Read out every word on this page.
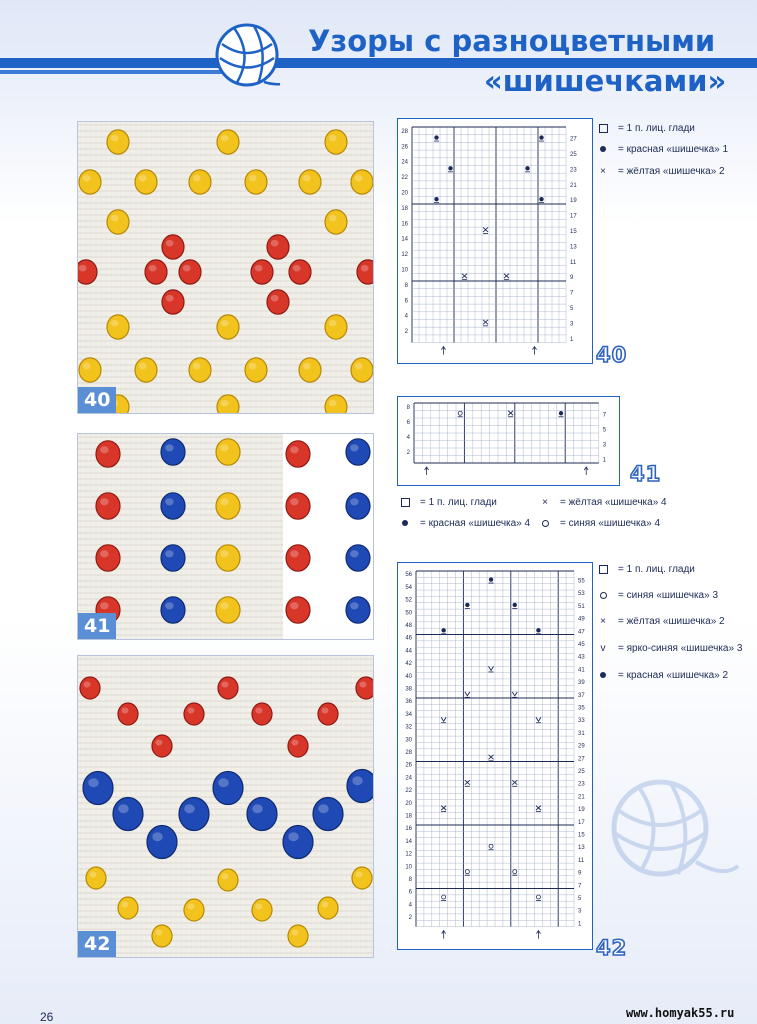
Узоры с разноцветными
«шишечками»
40
41
42
2
4
6
8
10
12
14
16
18
20
22
24
26
28
1
3
5
7
9
11
13
15
17
19
21
23
25
27
40
= 1 п. лиц. глади
= красная «шишечка» 1
× = жёлтая «шишечка» 2
2
4
6
8
1
3
5
7
41
= 1 п. лиц. глади	× = жёлтая «шишечка» 4
= красная «шишечка» 4	= синяя «шишечка» 4
2
4
6
8
10
12
14
16
18
20
22
24
26
28
30
32
34
36
38
40
42
44
46
48
50
52
54
56
1
3
5
7
9
11
13
15
17
19
21
23
25
27
29
31
33
35
37
39
41
43
45
47
49
51
53
55
42
= 1 п. лиц. глади
= синяя «шишечка» 3
× = жёлтая «шишечка» 2
v = ярко-синяя «шишечка» 3
= красная «шишечка» 2
26	www.homyak55.ru
